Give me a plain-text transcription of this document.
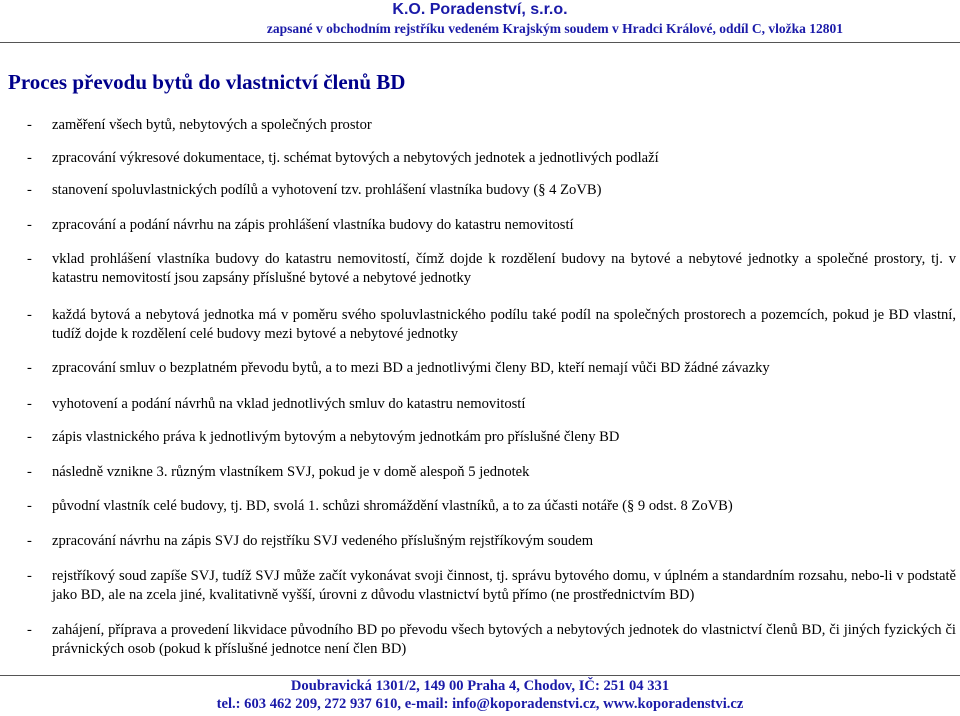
K.O. Poradenství, s.r.o.
zapsané v obchodním rejstříku vedeném Krajským soudem v Hradci Králové, oddíl C, vložka 12801
Proces převodu bytů do vlastnictví členů BD
- zaměření všech bytů, nebytových a společných prostor
- zpracování výkresové dokumentace, tj. schémat bytových a nebytových jednotek a jednotlivých podlaží
- stanovení spoluvlastnických podílů a vyhotovení tzv. prohlášení vlastníka budovy (§ 4 ZoVB)
- zpracování a podání návrhu na zápis prohlášení vlastníka budovy do katastru nemovitostí
- vklad prohlášení vlastníka budovy do katastru nemovitostí, čímž dojde k rozdělení budovy na bytové a nebytové jednotky a společné prostory, tj. v katastru nemovitostí jsou zapsány příslušné bytové a nebytové jednotky
- každá bytová a nebytová jednotka má v poměru svého spoluvlastnického podílu také podíl na společných prostorech a pozemcích, pokud je BD vlastní, tudíž dojde k rozdělení celé budovy mezi bytové a nebytové jednotky
- zpracování smluv o bezplatném převodu bytů, a to mezi BD a jednotlivými členy BD, kteří nemají vůči BD žádné závazky
- vyhotovení a podání návrhů na vklad jednotlivých smluv do katastru nemovitostí
- zápis vlastnického práva k jednotlivým bytovým a nebytovým jednotkám pro příslušné členy BD
- následně vznikne 3. různým vlastníkem SVJ, pokud je v domě alespoň 5 jednotek
- původní vlastník celé budovy, tj. BD, svolá 1. schůzi shromáždění vlastníků, a to za účasti notáře (§ 9 odst. 8 ZoVB)
- zpracování návrhu na zápis SVJ do rejstříku SVJ vedeného příslušným rejstříkovým soudem
- rejstříkový soud zapíše SVJ, tudíž SVJ může začít vykonávat svoji činnost, tj. správu bytového domu, v úplném a standardním rozsahu, nebo-li v podstatě jako BD, ale na zcela jiné, kvalitativně vyšší, úrovni z důvodu vlastnictví bytů přímo (ne prostřednictvím BD)
- zahájení, příprava a provedení likvidace původního BD po převodu všech bytových a nebytových jednotek do vlastnictví členů BD, či jiných fyzických či právnických osob (pokud k příslušné jednotce není člen BD)
Doubravická 1301/2, 149 00 Praha 4, Chodov, IČ: 251 04 331
tel.: 603 462 209, 272 937 610, e-mail: info@koporadenstvi.cz, www.koporadenstvi.cz
